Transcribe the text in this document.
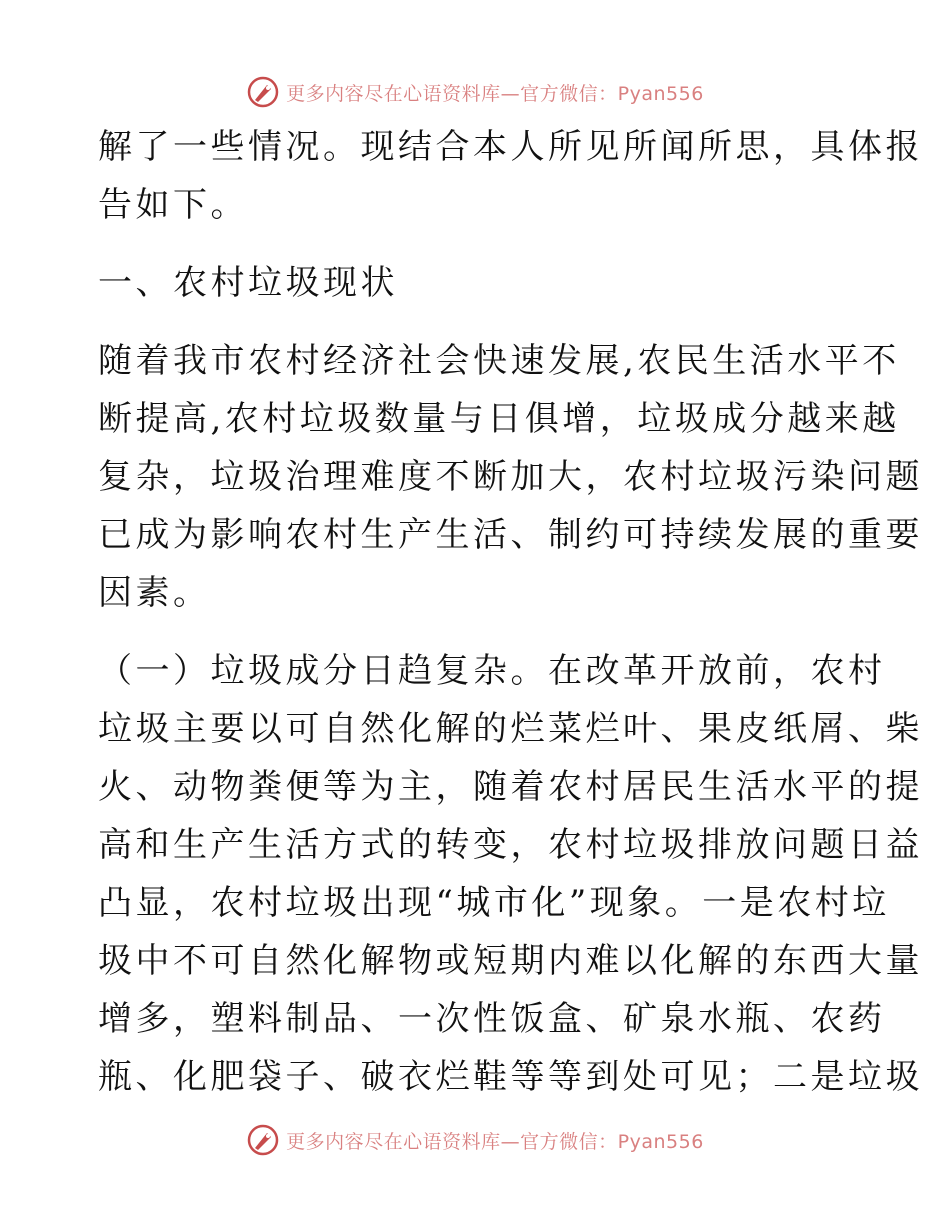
更多内容尽在心语资料库—官方微信：Pyan556
解了一些情况。现结合本人所见所闻所思，具体报
告如下。
一、农村垃圾现状
随着我市农村经济社会快速发展,农民生活水平不
断提高,农村垃圾数量与日俱增，垃圾成分越来越
复杂，垃圾治理难度不断加大，农村垃圾污染问题
已成为影响农村生产生活、制约可持续发展的重要
因素。
（一）垃圾成分日趋复杂。在改革开放前，农村
垃圾主要以可自然化解的烂菜烂叶、果皮纸屑、柴
火、动物粪便等为主，随着农村居民生活水平的提
高和生产生活方式的转变，农村垃圾排放问题日益
凸显，农村垃圾出现“城市化”现象。一是农村垃
圾中不可自然化解物或短期内难以化解的东西大量
增多，塑料制品、一次性饭盒、矿泉水瓶、农药
瓶、化肥袋子、破衣烂鞋等等到处可见；二是垃圾
更多内容尽在心语资料库—官方微信：Pyan556
